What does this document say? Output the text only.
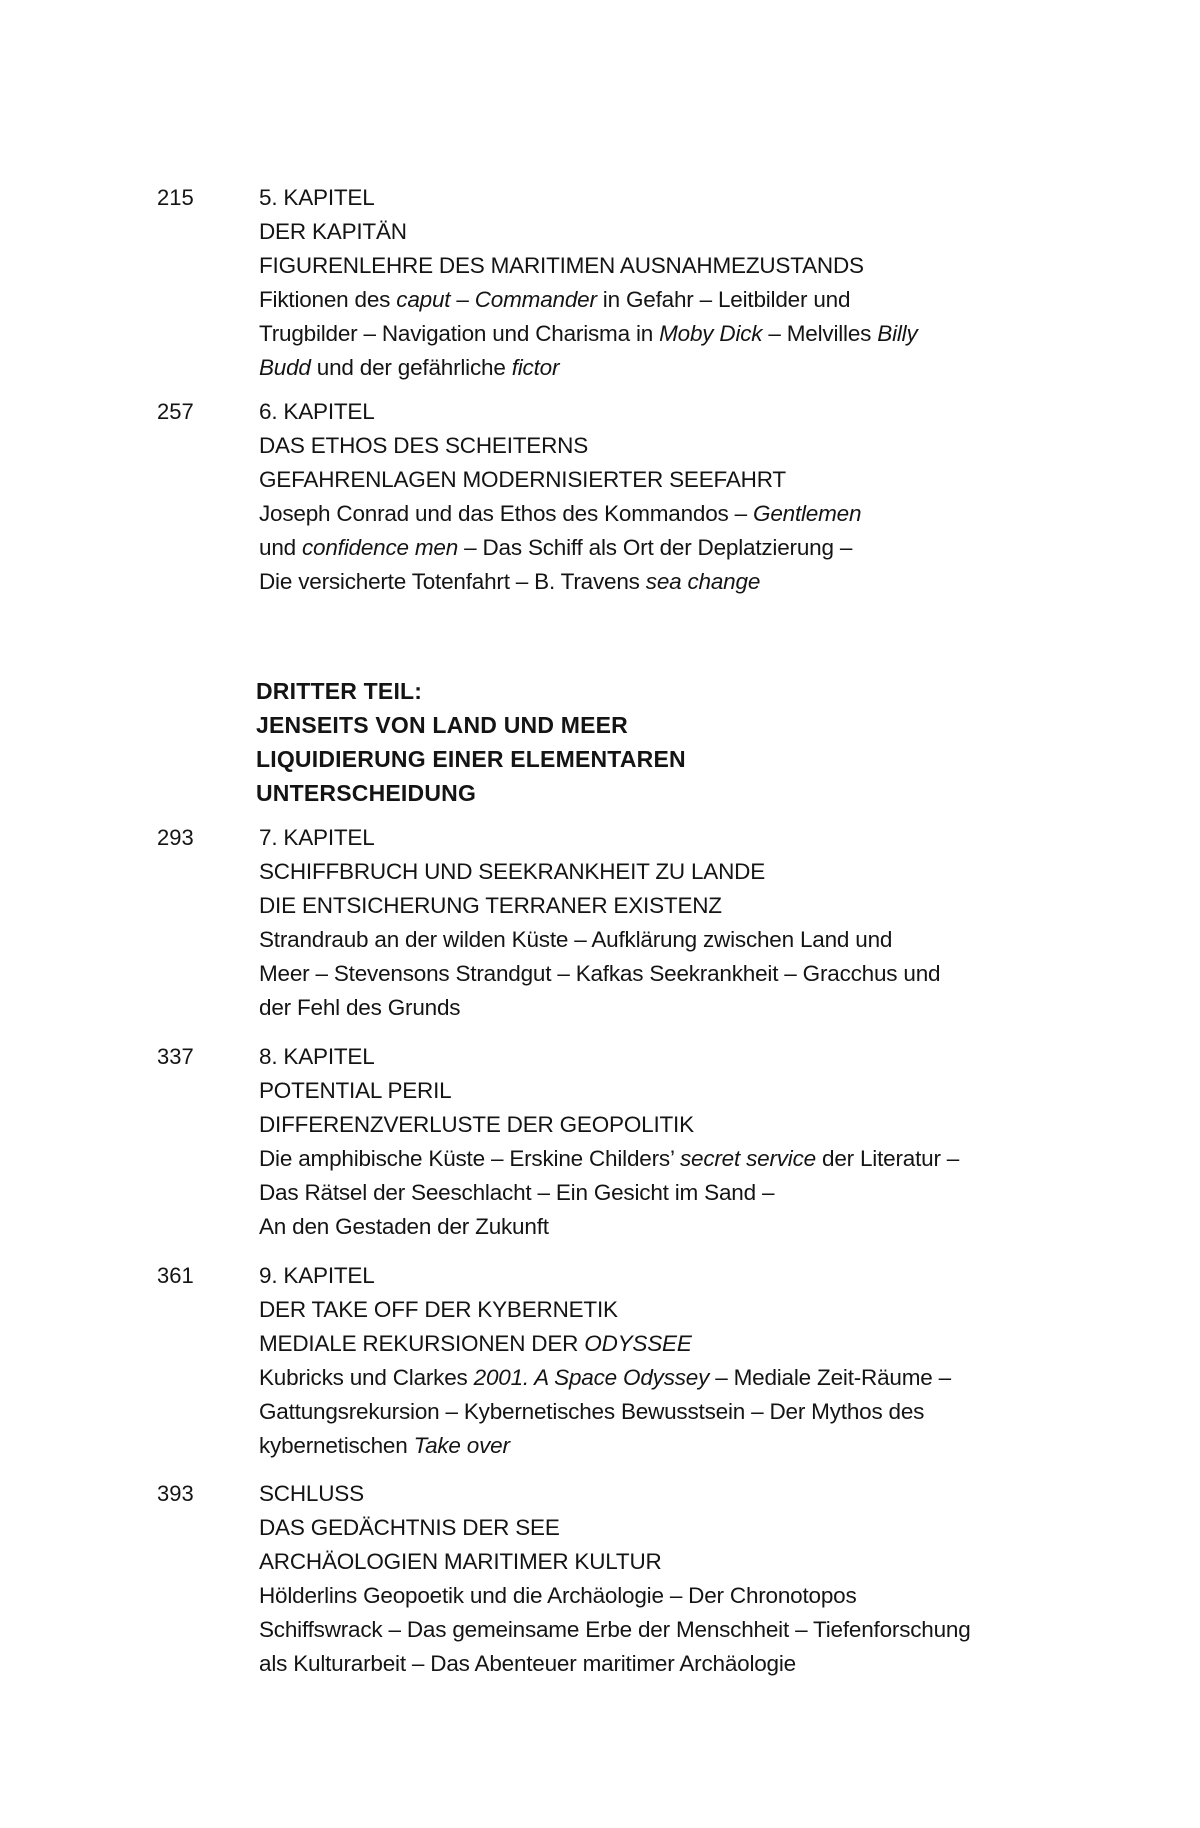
215	5. KAPITEL
DER KAPITÄN
FIGURENLEHRE DES MARITIMEN AUSNAHMEZUSTANDS
Fiktionen des caput – Commander in Gefahr – Leitbilder und
Trugbilder – Navigation und Charisma in Moby Dick – Melvilles Billy
Budd und der gefährliche fictor
257	6. KAPITEL
DAS ETHOS DES SCHEITERNS
GEFAHRENLAGEN MODERNISIERTER SEEFAHRT
Joseph Conrad und das Ethos des Kommandos – Gentlemen
und confidence men – Das Schiff als Ort der Deplatzierung –
Die versicherte Totenfahrt – B. Travens sea change
DRITTER TEIL:
JENSEITS VON LAND UND MEER
LIQUIDIERUNG EINER ELEMENTAREN
UNTERSCHEIDUNG
293	7. KAPITEL
SCHIFFBRUCH UND SEEKRANKHEIT ZU LANDE
DIE ENTSICHERUNG TERRANER EXISTENZ
Strandraub an der wilden Küste – Aufklärung zwischen Land und
Meer – Stevensons Strandgut – Kafkas Seekrankheit – Gracchus und
der Fehl des Grunds
337	8. KAPITEL
POTENTIAL PERIL
DIFFERENZVERLUSTE DER GEOPOLITIK
Die amphibische Küste – Erskine Childers’ secret service der Literatur –
Das Rätsel der Seeschlacht – Ein Gesicht im Sand –
An den Gestaden der Zukunft
361	9. KAPITEL
DER TAKE OFF DER KYBERNETIK
MEDIALE REKURSIONEN DER ODYSSEE
Kubricks und Clarkes 2001. A Space Odyssey – Mediale Zeit-Räume –
Gattungsrekursion – Kybernetisches Bewusstsein – Der Mythos des
kybernetischen Take over
393	SCHLUSS
DAS GEDÄCHTNIS DER SEE
ARCHÄOLOGIEN MARITIMER KULTUR
Hölderlins Geopoetik und die Archäologie – Der Chronotopos
Schiffswrack – Das gemeinsame Erbe der Menschheit – Tiefenforschung
als Kulturarbeit – Das Abenteuer maritimer Archäologie
